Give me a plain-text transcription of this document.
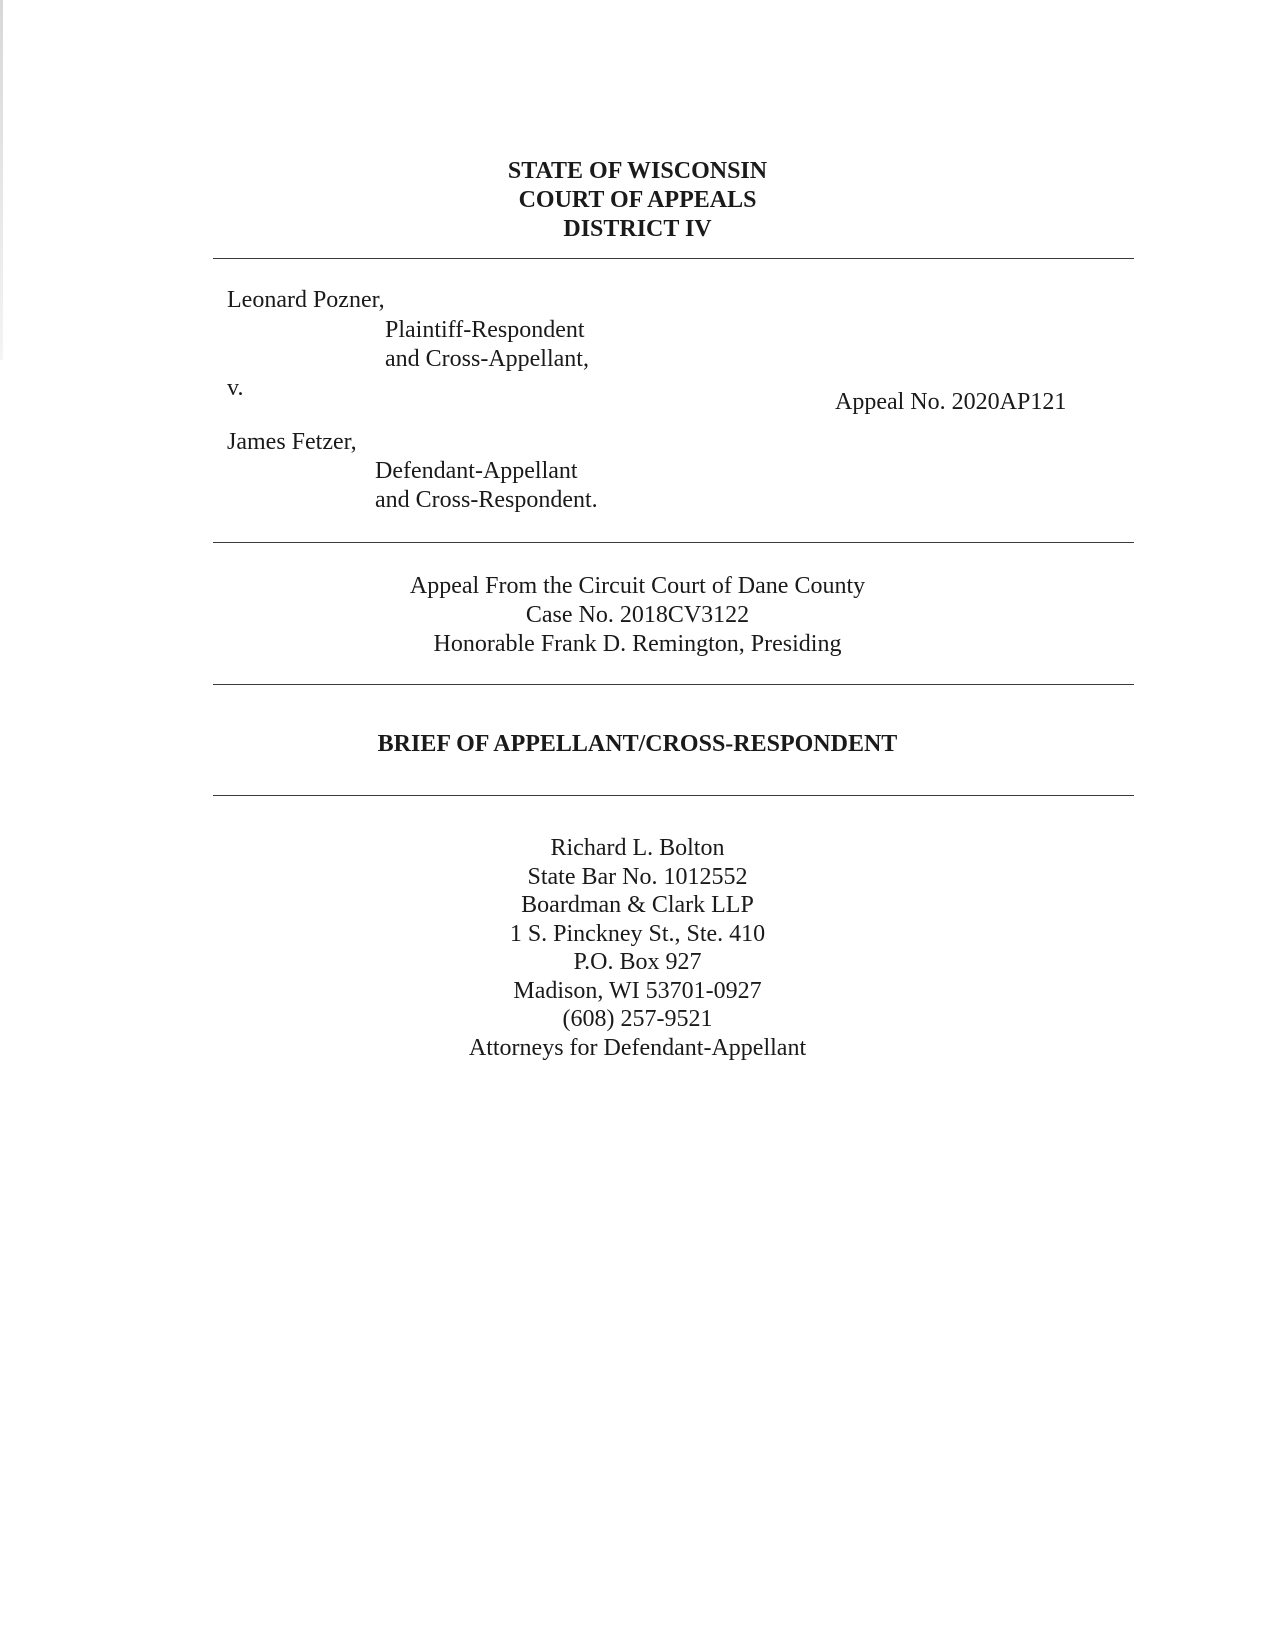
STATE OF WISCONSIN
COURT OF APPEALS
DISTRICT IV
Leonard Pozner,
Plaintiff-Respondent
and Cross-Appellant,
v.
Appeal No. 2020AP121
James Fetzer,
Defendant-Appellant
and Cross-Respondent.
Appeal From the Circuit Court of Dane County
Case No. 2018CV3122
Honorable Frank D. Remington, Presiding
BRIEF OF APPELLANT/CROSS-RESPONDENT
Richard L. Bolton
State Bar No. 1012552
Boardman & Clark LLP
1 S. Pinckney St., Ste. 410
P.O. Box 927
Madison, WI 53701-0927
(608) 257-9521
Attorneys for Defendant-Appellant
